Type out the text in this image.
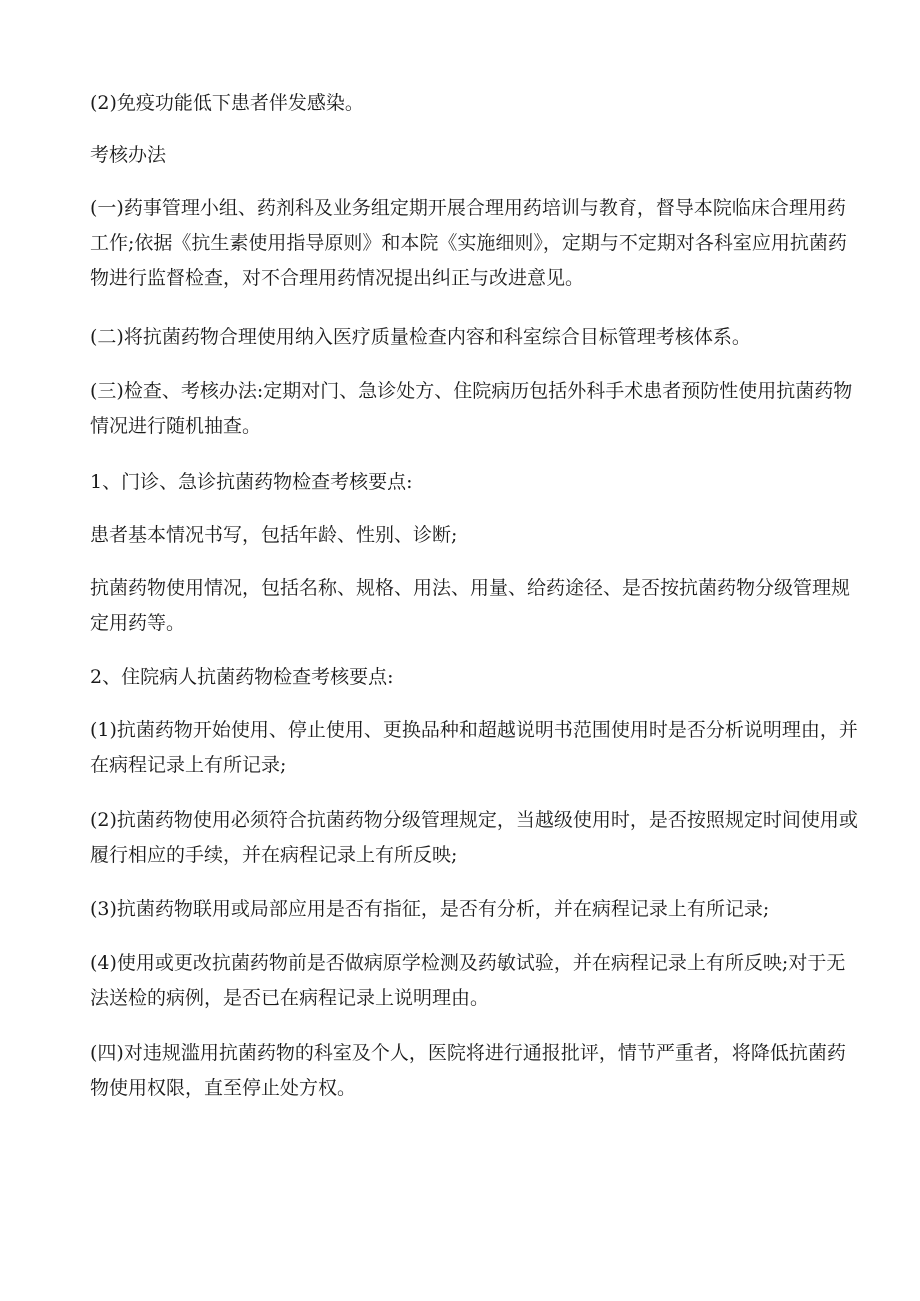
(2)免疫功能低下患者伴发感染。

考核办法

(一)药事管理小组、药剂科及业务组定期开展合理用药培训与教育，督导本院临床合理用药工作;依据《抗生素使用指导原则》和本院《实施细则》，定期与不定期对各科室应用抗菌药物进行监督检查，对不合理用药情况提出纠正与改进意见。

(二)将抗菌药物合理使用纳入医疗质量检查内容和科室综合目标管理考核体系。

(三)检查、考核办法:定期对门、急诊处方、住院病历包括外科手术患者预防性使用抗菌药物情况进行随机抽查。

1、门诊、急诊抗菌药物检查考核要点:

患者基本情况书写，包括年龄、性别、诊断;

抗菌药物使用情况，包括名称、规格、用法、用量、给药途径、是否按抗菌药物分级管理规定用药等。

2、住院病人抗菌药物检查考核要点:

(1)抗菌药物开始使用、停止使用、更换品种和超越说明书范围使用时是否分析说明理由，并在病程记录上有所记录;

(2)抗菌药物使用必须符合抗菌药物分级管理规定，当越级使用时，是否按照规定时间使用或履行相应的手续，并在病程记录上有所反映;

(3)抗菌药物联用或局部应用是否有指征，是否有分析，并在病程记录上有所记录;

(4)使用或更改抗菌药物前是否做病原学检测及药敏试验，并在病程记录上有所反映;对于无法送检的病例，是否已在病程记录上说明理由。

(四)对违规滥用抗菌药物的科室及个人，医院将进行通报批评，情节严重者，将降低抗菌药物使用权限，直至停止处方权。
